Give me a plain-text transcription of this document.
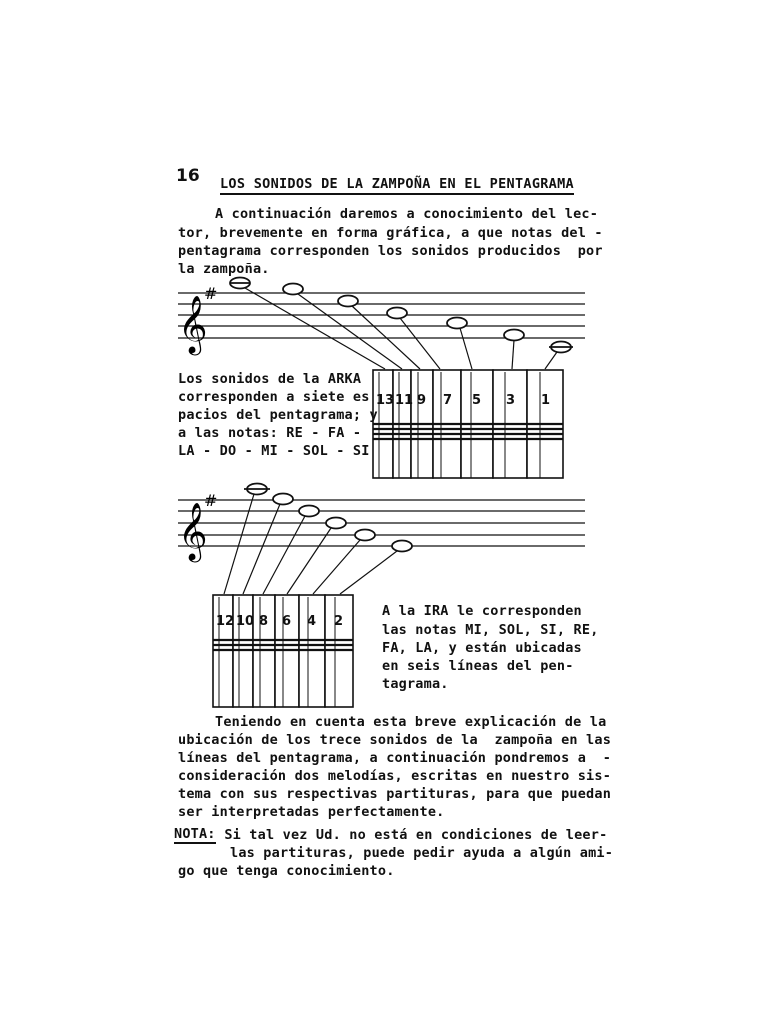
16 LOS SONIDOS DE LA ZAMPOÑA EN EL PENTAGRAMA
A continuación daremos a conocimiento del lec-
tor, brevemente en forma gráfica, a que notas del -
pentagrama corresponden los sonidos producidos  por
la zampoña.
𝄞
#
13 11 9 7 5 3 1
𝄞
#
12 10 8 6 4 2
Los sonidos de la ARKA
corresponden a siete es
pacios del pentagrama; y
a las notas: RE - FA -
LA - DO - MI - SOL - SI
A la IRA le corresponden
las notas MI, SOL, SI, RE,
FA, LA, y están ubicadas
en seis líneas del pen-
tagrama.
Teniendo en cuenta esta breve explicación de la
ubicación de los trece sonidos de la  zampoña en las
líneas del pentagrama, a continuación pondremos a  -
consideración dos melodías, escritas en nuestro sis-
tema con sus respectivas partituras, para que puedan
ser interpretadas perfectamente.
NOTA: Si tal vez Ud. no está en condiciones de leer-
las partituras, puede pedir ayuda a algún ami-
go que tenga conocimiento.
